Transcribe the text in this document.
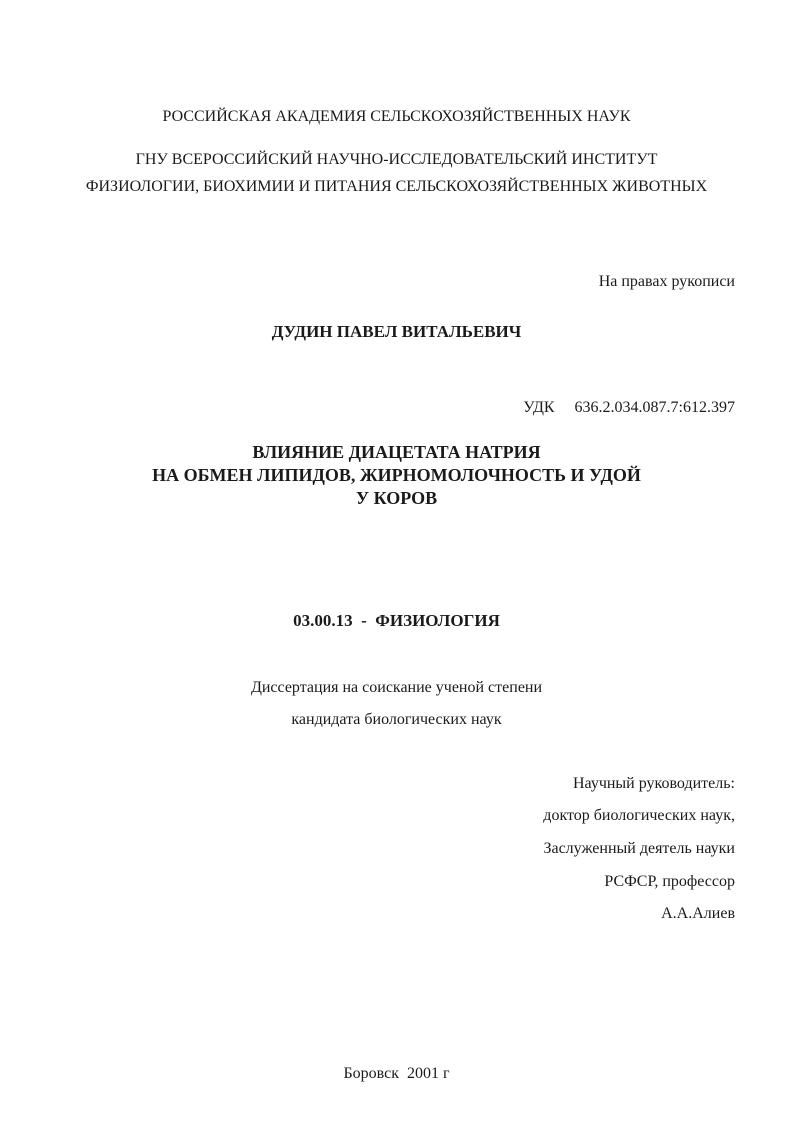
РОССИЙСКАЯ АКАДЕМИЯ СЕЛЬСКОХОЗЯЙСТВЕННЫХ НАУК
ГНУ ВСЕРОССИЙСКИЙ НАУЧНО-ИССЛЕДОВАТЕЛЬСКИЙ ИНСТИТУТ
ФИЗИОЛОГИИ, БИОХИМИИ И ПИТАНИЯ СЕЛЬСКОХОЗЯЙСТВЕННЫХ ЖИВОТНЫХ
На правах рукописи
ДУДИН ПАВЕЛ ВИТАЛЬЕВИЧ
УДК 636.2.034.087.7:612.397
ВЛИЯНИЕ ДИАЦЕТАТА НАТРИЯ
НА ОБМЕН ЛИПИДОВ, ЖИРНОМОЛОЧНОСТЬ И УДОЙ
У КОРОВ
03.00.13  -  ФИЗИОЛОГИЯ
Диссертация на соискание ученой степени
кандидата биологических наук
Научный руководитель:
доктор биологических наук,
Заслуженный деятель науки
РСФСР, профессор
А.А.Алиев
Боровск  2001 г
